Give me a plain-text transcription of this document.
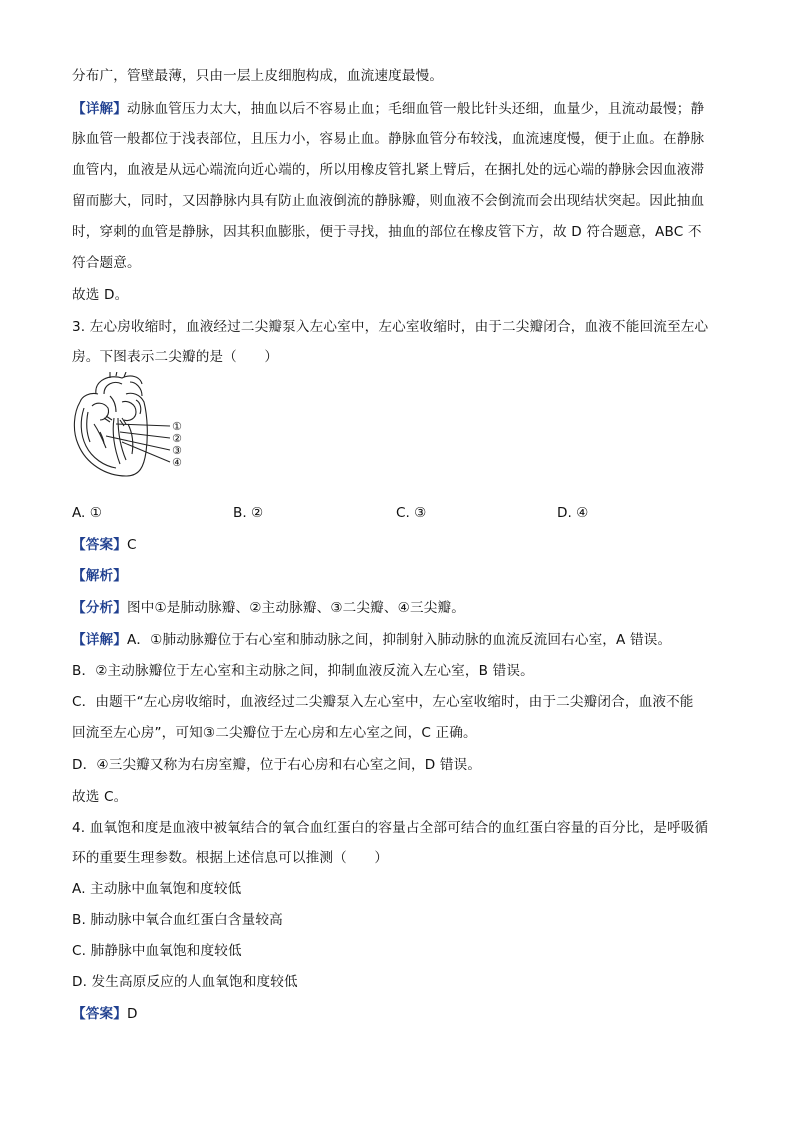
分布广，管壁最薄，只由一层上皮细胞构成，血流速度最慢。
【详解】动脉血管压力太大，抽血以后不容易止血；毛细血管一般比针头还细，血量少，且流动最慢；静
脉血管一般都位于浅表部位，且压力小，容易止血。静脉血管分布较浅，血流速度慢，便于止血。在静脉
血管内，血液是从远心端流向近心端的，所以用橡皮管扎紧上臂后，在捆扎处的远心端的静脉会因血液滞
留而膨大，同时，又因静脉内具有防止血液倒流的静脉瓣，则血液不会倒流而会出现结状突起。因此抽血
时，穿刺的血管是静脉，因其积血膨胀，便于寻找，抽血的部位在橡皮管下方，故 D 符合题意，ABC 不
符合题意。
故选 D。
3. 左心房收缩时，血液经过二尖瓣泵入左心室中，左心室收缩时，由于二尖瓣闭合，血液不能回流至左心
房。下图表示二尖瓣的是（　　）
①
②
③
④
A. ①	B. ②	C. ③	D. ④
【答案】C
【解析】
【分析】图中①是肺动脉瓣、②主动脉瓣、③二尖瓣、④三尖瓣。
【详解】A．①肺动脉瓣位于右心室和肺动脉之间，抑制射入肺动脉的血流反流回右心室，A 错误。
B．②主动脉瓣位于左心室和主动脉之间，抑制血液反流入左心室，B 错误。
C．由题干“左心房收缩时，血液经过二尖瓣泵入左心室中，左心室收缩时，由于二尖瓣闭合，血液不能
回流至左心房”，可知③二尖瓣位于左心房和左心室之间，C 正确。
D．④三尖瓣又称为右房室瓣，位于右心房和右心室之间，D 错误。
故选 C。
4. 血氧饱和度是血液中被氧结合的氧合血红蛋白的容量占全部可结合的血红蛋白容量的百分比，是呼吸循
环的重要生理参数。根据上述信息可以推测（　　）
A. 主动脉中血氧饱和度较低
B. 肺动脉中氧合血红蛋白含量较高
C. 肺静脉中血氧饱和度较低
D. 发生高原反应的人血氧饱和度较低
【答案】D
